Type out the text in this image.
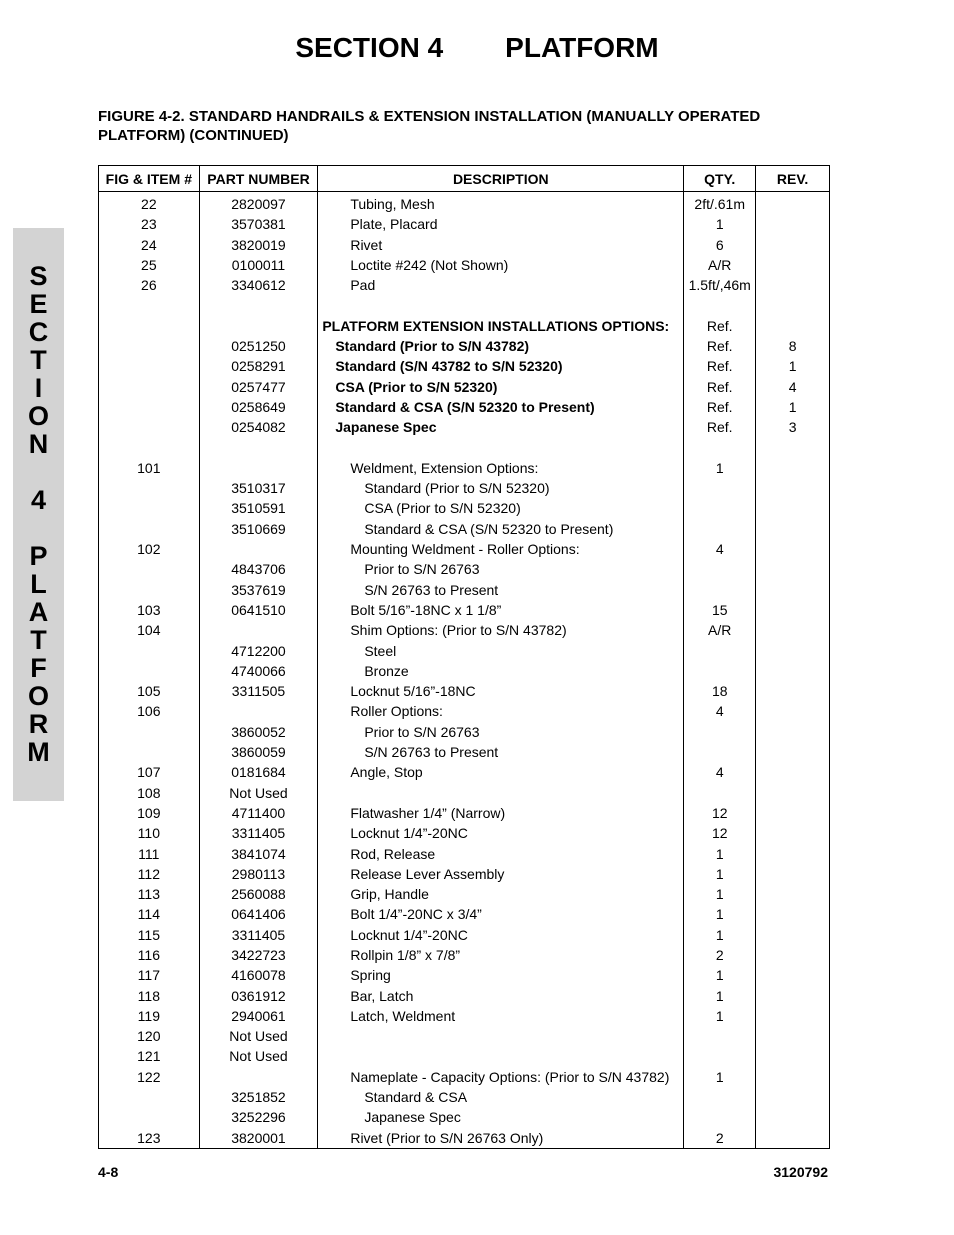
SECTION 4 PLATFORM
FIGURE 4-2. STANDARD HANDRAILS & EXTENSION INSTALLATION (MANUALLY OPERATED PLATFORM) (CONTINUED)
S
E
C
T
I
O
N
4
P
L
A
T
F
O
R
M
FIG & ITEM #	PART NUMBER	DESCRIPTION	QTY.	REV.
22	2820097	Tubing, Mesh	2ft/.61m	
23	3570381	Plate, Placard	1	
24	3820019	Rivet	6	
25	0100011	Loctite #242 (Not Shown)	A/R	
26	3340612	Pad	1.5ft/,46m	

		PLATFORM EXTENSION INSTALLATIONS OPTIONS:	Ref.	
	0251250	Standard (Prior to S/N 43782)	Ref.	8
	0258291	Standard (S/N 43782 to S/N 52320)	Ref.	1
	0257477	CSA (Prior to S/N 52320)	Ref.	4
	0258649	Standard & CSA (S/N 52320 to Present)	Ref.	1
	0254082	Japanese Spec	Ref.	3

101		Weldment, Extension Options:	1	
	3510317	Standard (Prior to S/N 52320)		
	3510591	CSA (Prior to S/N 52320)		
	3510669	Standard & CSA (S/N 52320 to Present)		
102		Mounting Weldment - Roller Options:	4	
	4843706	Prior to S/N 26763		
	3537619	S/N 26763 to Present		
103	0641510	Bolt 5/16”-18NC x 1 1/8”	15	
104		Shim Options: (Prior to S/N 43782)	A/R	
	4712200	Steel		
	4740066	Bronze		
105	3311505	Locknut 5/16”-18NC	18	
106		Roller Options:	4	
	3860052	Prior to S/N 26763		
	3860059	S/N 26763 to Present		
107	0181684	Angle, Stop	4	
108	Not Used			
109	4711400	Flatwasher 1/4” (Narrow)	12	
110	3311405	Locknut 1/4”-20NC	12	
111	3841074	Rod, Release	1	
112	2980113	Release Lever Assembly	1	
113	2560088	Grip, Handle	1	
114	0641406	Bolt 1/4”-20NC x 3/4”	1	
115	3311405	Locknut 1/4”-20NC	1	
116	3422723	Rollpin 1/8” x 7/8”	2	
117	4160078	Spring	1	
118	0361912	Bar, Latch	1	
119	2940061	Latch, Weldment	1	
120	Not Used			
121	Not Used			
122		Nameplate - Capacity Options: (Prior to S/N 43782)	1	
	3251852	Standard & CSA		
	3252296	Japanese Spec		
123	3820001	Rivet (Prior to S/N 26763 Only)	2	
4-8	3120792
